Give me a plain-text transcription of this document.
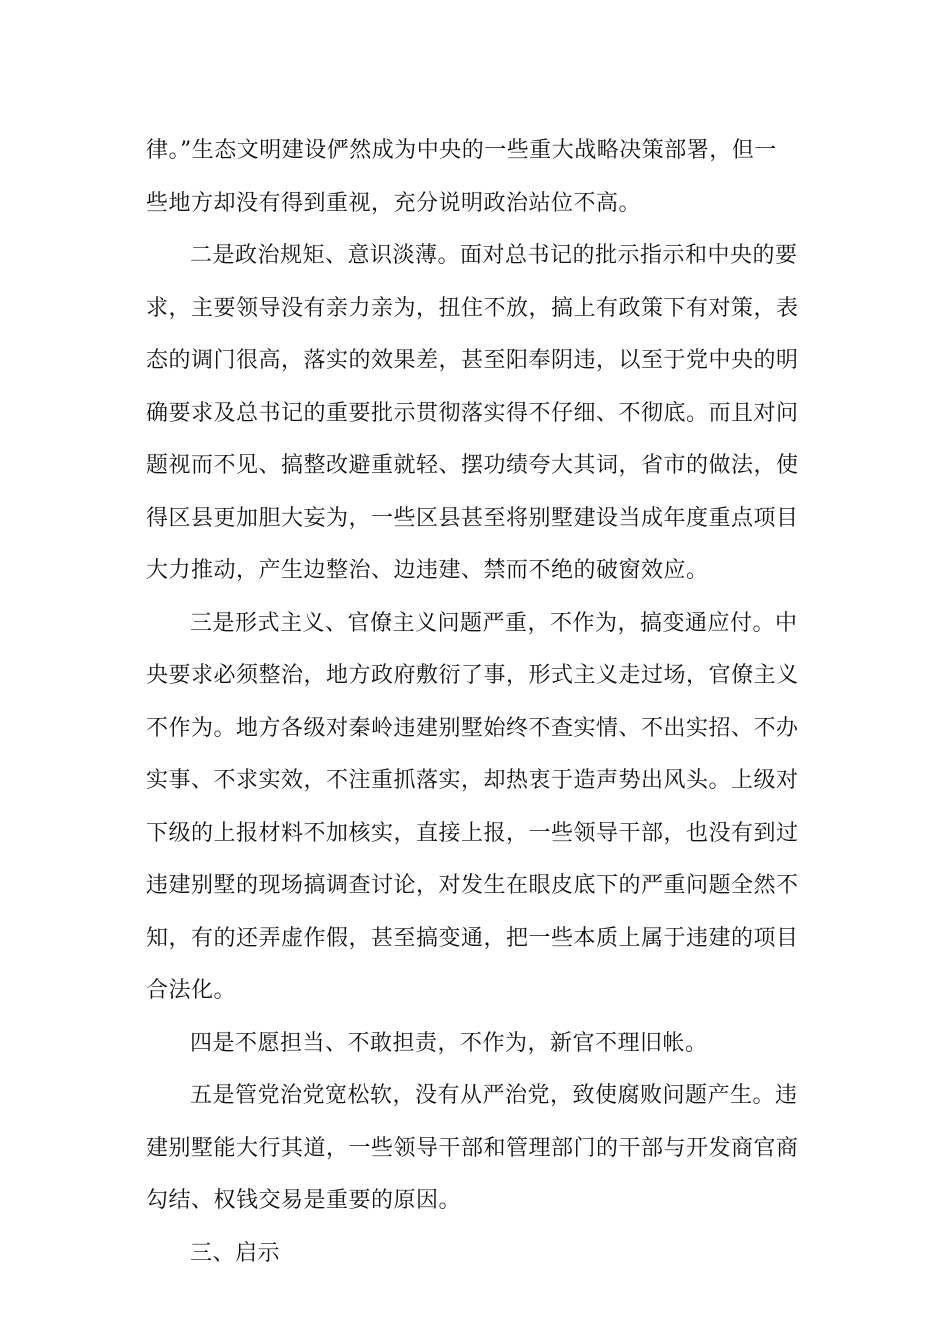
律。”生态文明建设俨然成为中央的一些重大战略决策部署，但一
些地方却没有得到重视，充分说明政治站位不高。
二是政治规矩、意识淡薄。面对总书记的批示指示和中央的要
求，主要领导没有亲力亲为，扭住不放，搞上有政策下有对策，表
态的调门很高，落实的效果差，甚至阳奉阴违，以至于党中央的明
确要求及总书记的重要批示贯彻落实得不仔细、不彻底。而且对问
题视而不见、搞整改避重就轻、摆功绩夸大其词，省市的做法，使
得区县更加胆大妄为，一些区县甚至将别墅建设当成年度重点项目
大力推动，产生边整治、边违建、禁而不绝的破窗效应。
三是形式主义、官僚主义问题严重，不作为，搞变通应付。中
央要求必须整治，地方政府敷衍了事，形式主义走过场，官僚主义
不作为。地方各级对秦岭违建别墅始终不查实情、不出实招、不办
实事、不求实效，不注重抓落实，却热衷于造声势出风头。上级对
下级的上报材料不加核实，直接上报，一些领导干部，也没有到过
违建别墅的现场搞调查讨论，对发生在眼皮底下的严重问题全然不
知，有的还弄虚作假，甚至搞变通，把一些本质上属于违建的项目
合法化。
四是不愿担当、不敢担责，不作为，新官不理旧帐。
五是管党治党宽松软，没有从严治党，致使腐败问题产生。违
建别墅能大行其道，一些领导干部和管理部门的干部与开发商官商
勾结、权钱交易是重要的原因。
三、启示
